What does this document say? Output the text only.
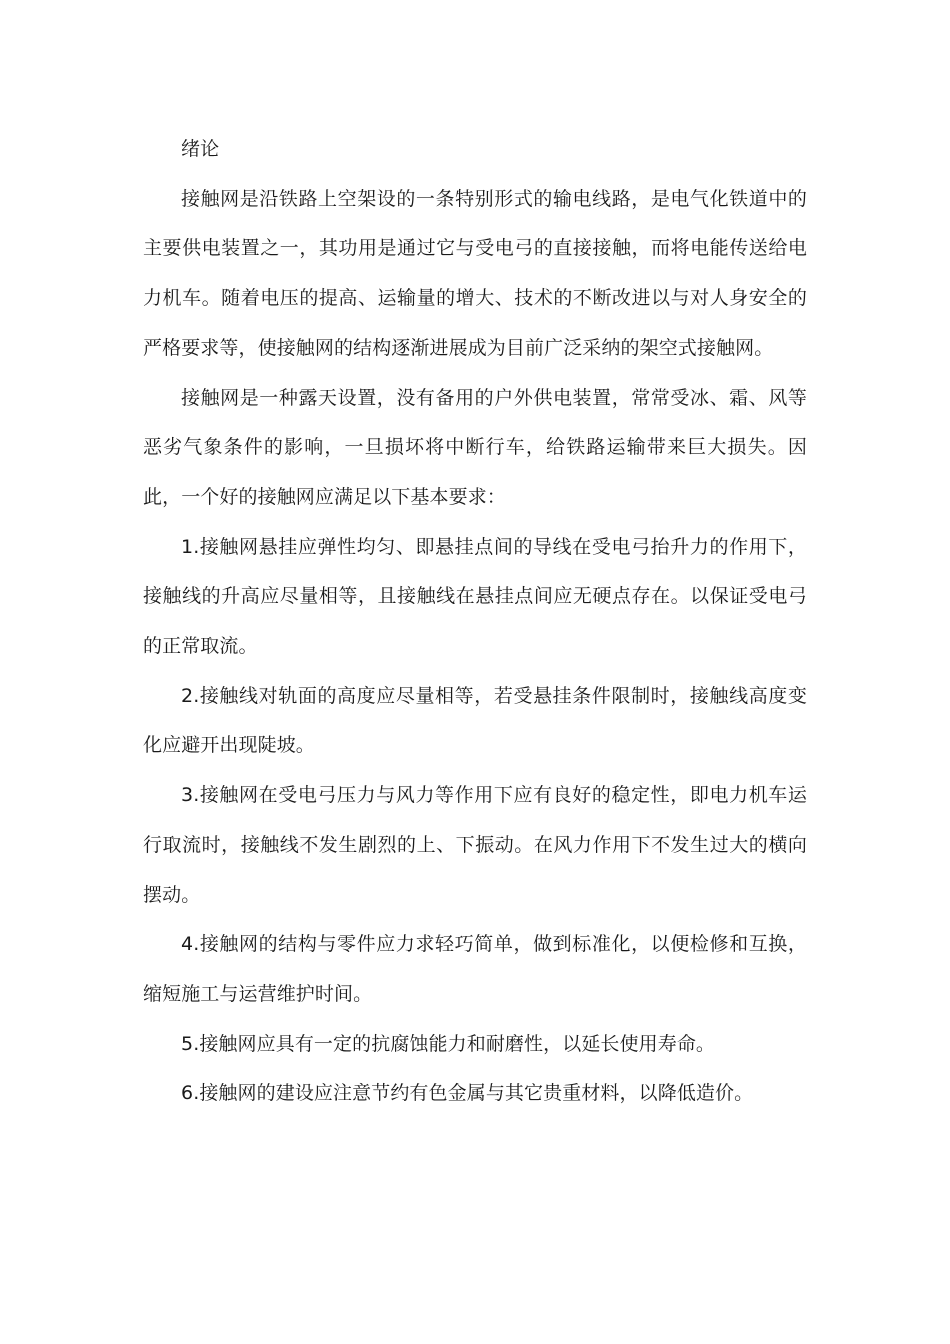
绪论

接触网是沿铁路上空架设的一条特别形式的输电线路，是电气化铁道中的主要供电装置之一，其功用是通过它与受电弓的直接接触，而将电能传送给电力机车。随着电压的提高、运输量的增大、技术的不断改进以与对人身安全的严格要求等，使接触网的结构逐渐进展成为目前广泛采纳的架空式接触网。

接触网是一种露天设置，没有备用的户外供电装置，常常受冰、霜、风等恶劣气象条件的影响，一旦损坏将中断行车，给铁路运输带来巨大损失。因此，一个好的接触网应满足以下基本要求：

1.接触网悬挂应弹性均匀、即悬挂点间的导线在受电弓抬升力的作用下，接触线的升高应尽量相等，且接触线在悬挂点间应无硬点存在。以保证受电弓的正常取流。

2.接触线对轨面的高度应尽量相等，若受悬挂条件限制时，接触线高度变化应避开出现陡坡。

3.接触网在受电弓压力与风力等作用下应有良好的稳定性，即电力机车运行取流时，接触线不发生剧烈的上、下振动。在风力作用下不发生过大的横向摆动。

4.接触网的结构与零件应力求轻巧简单，做到标准化，以便检修和互换，缩短施工与运营维护时间。

5.接触网应具有一定的抗腐蚀能力和耐磨性，以延长使用寿命。

6.接触网的建设应注意节约有色金属与其它贵重材料，以降低造价。
